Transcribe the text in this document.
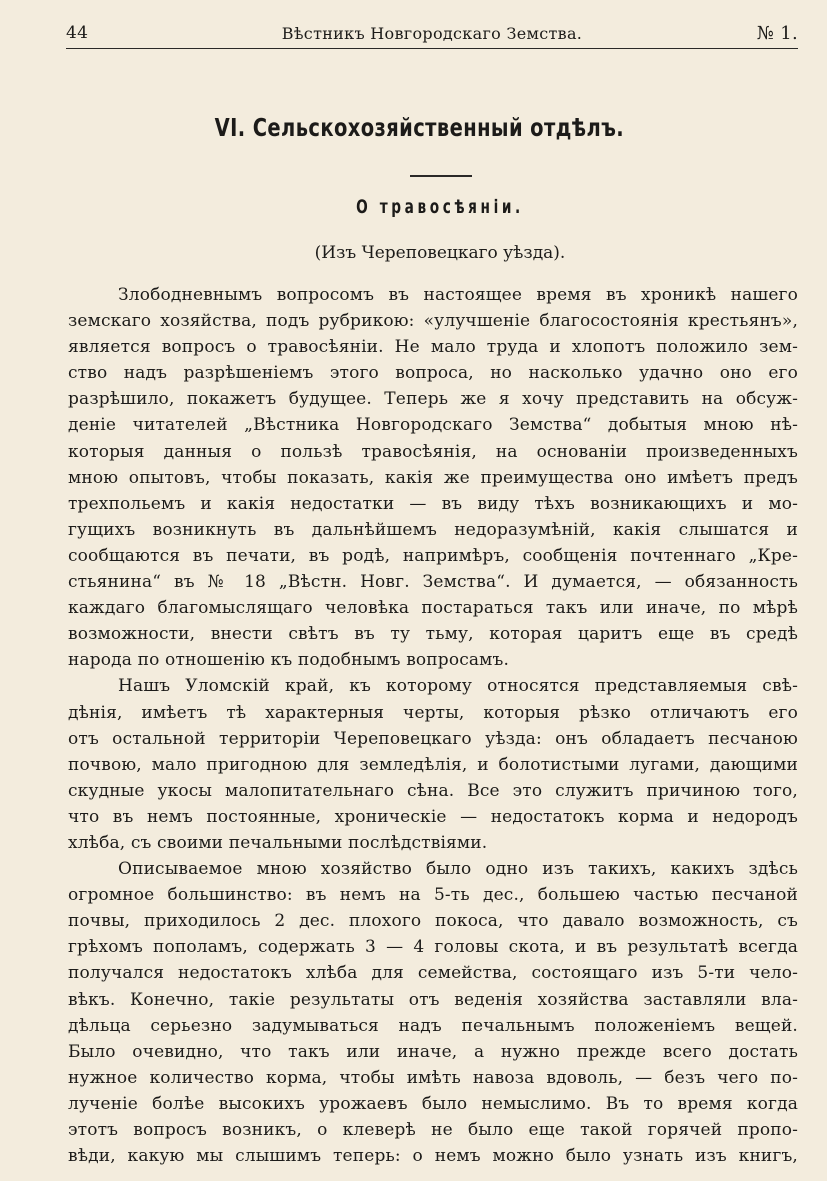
44	Вѣстникъ Новгородскаго Земства.	№ 1.
VI. Сельскохозяйственный отдѣлъ.
О травосѣяніи.
(Изъ Череповецкаго уѣзда).
Злободневнымъ вопросомъ въ настоящее время въ хроникѣ нашего
земскаго хозяйства, подъ рубрикою: «улучшеніе благосостоянія крестьянъ»,
является вопросъ о травосѣяніи. Не мало труда и хлопотъ положило зем-
ство надъ разрѣшеніемъ этого вопроса, но насколько удачно оно его
разрѣшило, покажетъ будущее. Теперь же я хочу представить на обсуж-
деніе читателей „Вѣстника Новгородскаго Земства“ добытыя мною нѣ-
которыя данныя о пользѣ травосѣянія, на основаніи произведенныхъ
мною опытовъ, чтобы показать, какія же преимущества оно имѣетъ предъ
трехпольемъ и какія недостатки — въ виду тѣхъ возникающихъ и мо-
гущихъ возникнуть въ дальнѣйшемъ недоразумѣній, какія слышатся и
сообщаются въ печати, въ родѣ, напримѣръ, сообщенія почтеннаго „Кре-
стьянина“ въ № 18 „Вѣстн. Новг. Земства“. И думается, — обязанность
каждаго благомыслящаго человѣка постараться такъ или иначе, по мѣрѣ
возможности, внести свѣтъ въ ту тьму, которая царитъ еще въ средѣ
народа по отношенію къ подобнымъ вопросамъ.
Нашъ Уломскій край, къ которому относятся представляемыя свѣ-
дѣнія, имѣетъ тѣ характерныя черты, которыя рѣзко отличаютъ его
отъ остальной территоріи Череповецкаго уѣзда: онъ обладаетъ песчаною
почвою, мало пригодною для земледѣлія, и болотистыми лугами, дающими
скудные укосы малопитательнаго сѣна. Все это служитъ причиною того,
что въ немъ постоянные, хроническіе — недостатокъ корма и недородъ
хлѣба, съ своими печальными послѣдствіями.
Описываемое мною хозяйство было одно изъ такихъ, какихъ здѣсь
огромное большинство: въ немъ на 5-ть дес., большею частью песчаной
почвы, приходилось 2 дес. плохого покоса, что давало возможность, съ
грѣхомъ пополамъ, содержать 3 — 4 головы скота, и въ результатѣ всегда
получался недостатокъ хлѣба для семейства, состоящаго изъ 5-ти чело-
вѣкъ. Конечно, такіе результаты отъ веденія хозяйства заставляли вла-
дѣльца серьезно задумываться надъ печальнымъ положеніемъ вещей.
Было очевидно, что такъ или иначе, а нужно прежде всего достать
нужное количество корма, чтобы имѣть навоза вдоволь, — безъ чего по-
лученіе болѣе высокихъ урожаевъ было немыслимо. Въ то время когда
этотъ вопросъ возникъ, о клеверѣ не было еще такой горячей пропо-
вѣди, какую мы слышимъ теперь: о немъ можно было узнать изъ книгъ,
